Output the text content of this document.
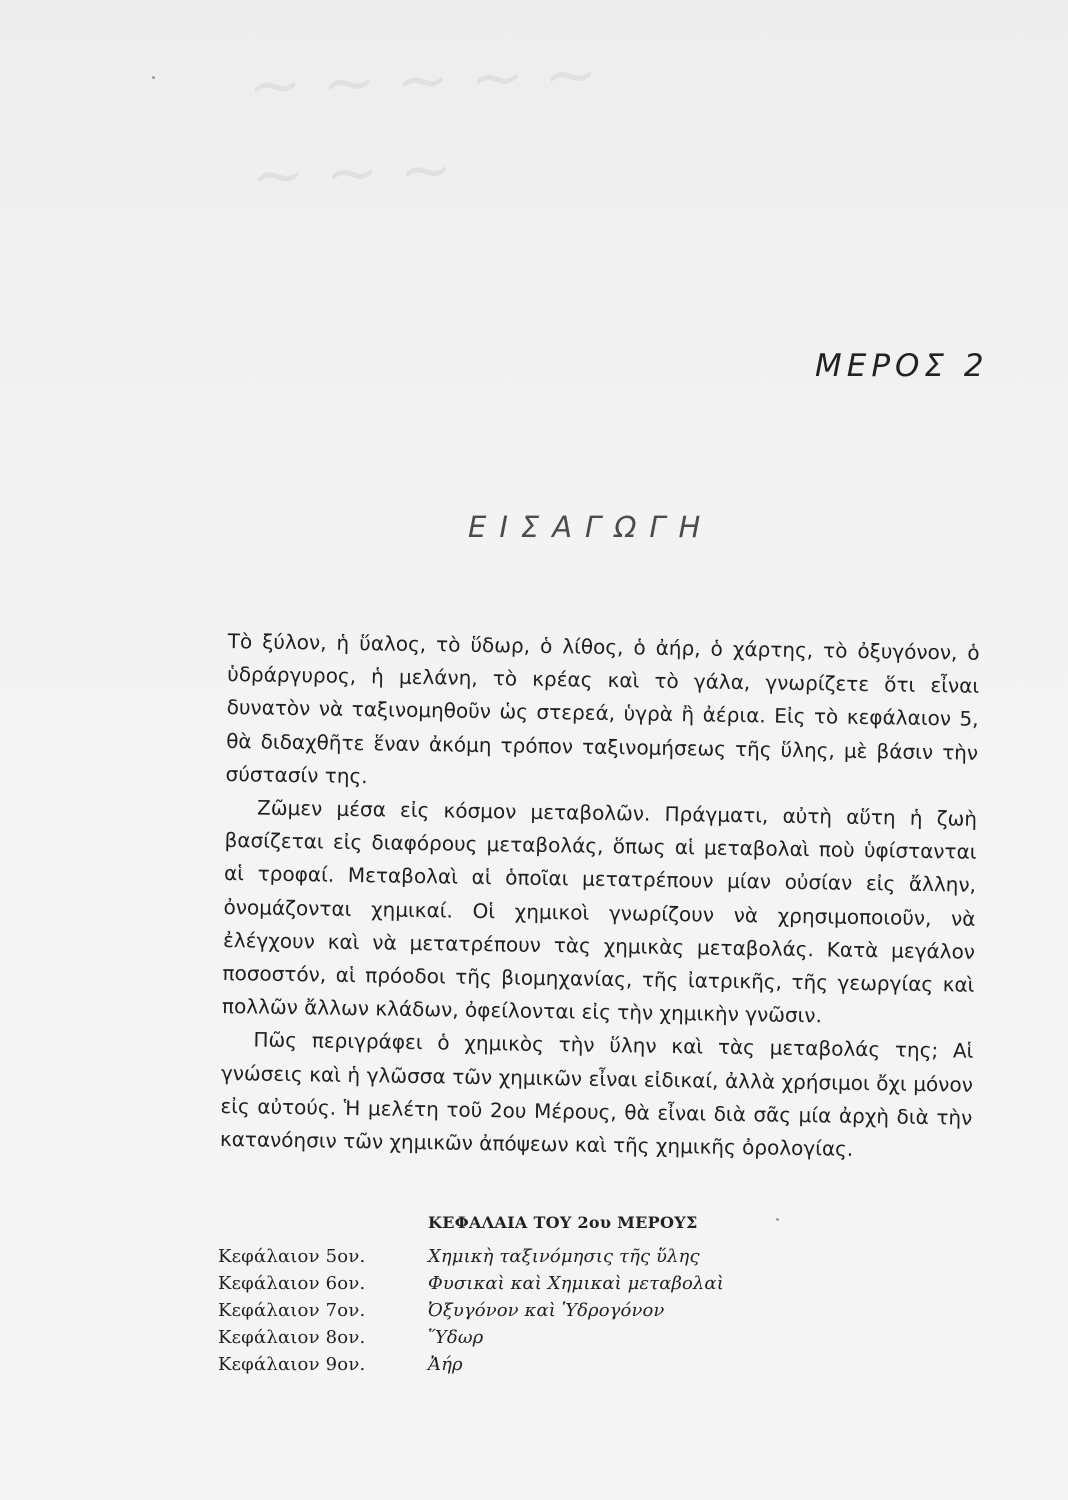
~ ~ ~ ~ ~
~ ~ ~
ΜΕΡΟΣ 2
ΕΙΣΑΓΩΓΗ

Τὸ ξύλον, ἡ ὕαλος, τὸ ὕδωρ, ὁ λίθος, ὁ ἀήρ, ὁ χάρτης, τὸ ὀξυγόνον, ὁ ὑδράργυρος, ἡ μελάνη, τὸ κρέας καὶ τὸ γάλα, γνωρίζετε ὅτι εἶναι δυνατὸν νὰ ταξινομηθοῦν ὡς στερεά, ὑγρὰ ἢ ἀέρια. Εἰς τὸ κεφάλαιον 5, θὰ διδαχθῆτε ἕναν ἀκόμη τρόπον ταξινομήσεως τῆς ὕλης, μὲ βάσιν τὴν σύστασίν της.

Ζῶμεν μέσα εἰς κόσμον μεταβολῶν. Πράγματι, αὐτὴ αὕτη ἡ ζωὴ βασίζεται εἰς διαφόρους μεταβολάς, ὅπως αἱ μεταβολαὶ ποὺ ὑφίστανται αἱ τροφαί. Μεταβολαὶ αἱ ὁποῖαι μετατρέπουν μίαν οὐσίαν εἰς ἄλλην, ὀνομάζονται χημικαί. Οἱ χημικοὶ γνωρίζουν νὰ χρησιμοποιοῦν, νὰ ἐλέγχουν καὶ νὰ μετατρέπουν τὰς χημικὰς μεταβολάς. Κατὰ μεγάλον ποσοστόν, αἱ πρόοδοι τῆς βιομηχανίας, τῆς ἰατρικῆς, τῆς γεωργίας καὶ πολλῶν ἄλλων κλάδων, ὀφείλονται εἰς τὴν χημικὴν γνῶσιν.

Πῶς περιγράφει ὁ χημικὸς τὴν ὕλην καὶ τὰς μεταβολάς της; Αἱ γνώσεις καὶ ἡ γλῶσσα τῶν χημικῶν εἶναι εἰδικαί, ἀλλὰ χρήσιμοι ὄχι μόνον εἰς αὐτούς. Ἡ μελέτη τοῦ 2ου Μέρους, θὰ εἶναι διὰ σᾶς μία ἀρχὴ διὰ τὴν κατανόησιν τῶν χημικῶν ἀπόψεων καὶ τῆς χημικῆς ὀρολογίας.

ΚΕΦΑΛΑΙΑ ΤΟΥ 2ου ΜΕΡΟΥΣ
Κεφάλαιον 5ον.	Χημικὴ ταξινόμησις τῆς ὕλης
Κεφάλαιον 6ον.	Φυσικαὶ καὶ Χημικαὶ μεταβολαὶ
Κεφάλαιον 7ον.	Ὀξυγόνον καὶ Ὑδρογόνον
Κεφάλαιον 8ον.	Ὕδωρ
Κεφάλαιον 9ον.	Ἀήρ
